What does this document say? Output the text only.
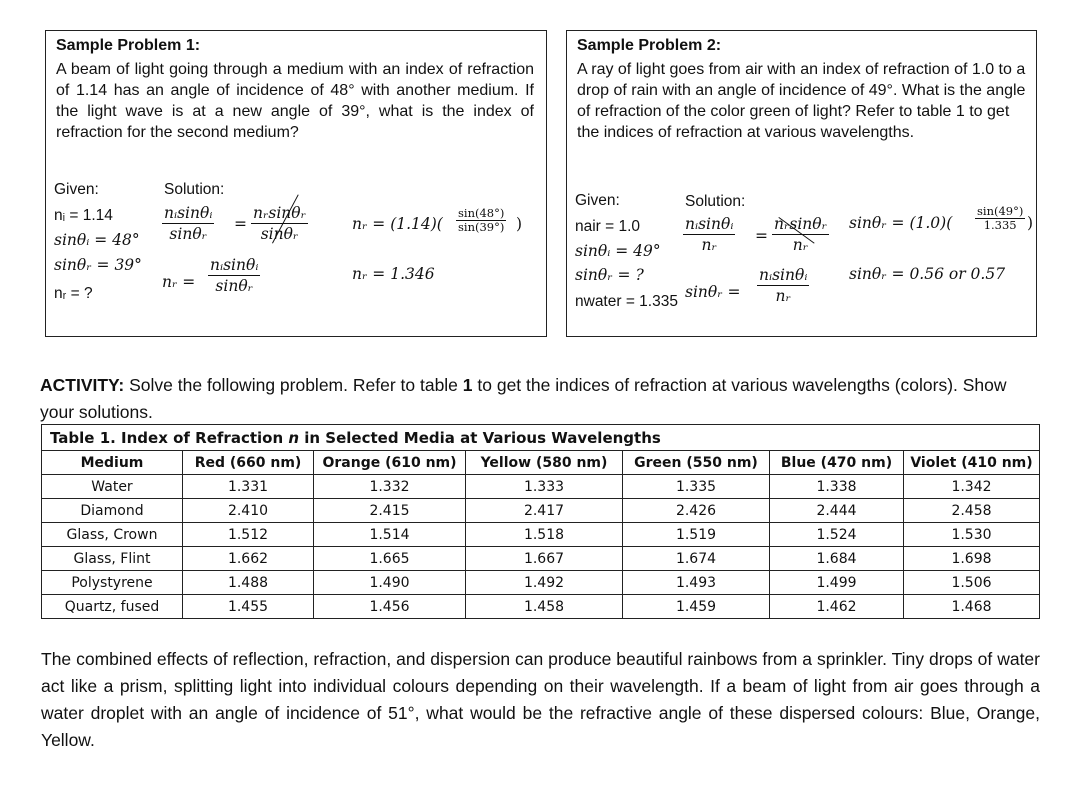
Sample Problem 1:
A beam of light going through a medium with an index of refraction of 1.14 has an angle of incidence of 48° with another medium. If the light wave is at a new angle of 39°, what is the index of refraction for the second medium?
Given:
nᵢ = 1.14
sinθᵢ = 48°
sinθᵣ = 39°
nᵣ = ?
Solution:
$\frac{\text{nᵢsinθᵢ}}{\text{sinθᵣ}} = \frac{\text{nᵣsinθᵣ}}{\text{sinθᵣ}}$
nᵣ = $\frac{\text{nᵢsinθᵢ}}{\text{sinθᵣ}}$
nᵣ = $(1.14)( \frac{\sin(48^\circ)}{\sin(39^\circ)}$ )
nᵣ = 1.346
Sample Problem 2:
A ray of light goes from air with an index of refraction of 1.0 to a drop of rain with an angle of incidence of 49°. What is the angle of refraction of the color green of light? Refer to table 1 to get the indices of refraction at various wavelengths.
Given:
nair = 1.0
sinθᵢ = 49°
sinθᵣ = ?
nwater = 1.335
Solution:
$\frac{\text{nᵢsinθᵢ}}{\text{nᵣ}} = \frac{\text{nᵣsinθᵣ}}{\text{nᵣ}}$
sinθᵣ = $\frac{\text{nᵢsinθᵢ}}{\text{nᵣ}}$
sinθᵣ = $(1.0)( \frac{\sin(49^\circ)}{1.335}$ )
sinθᵣ = 0.56 or 0.57
ACTIVITY: Solve the following problem. Refer to table 1 to get the indices of refraction at various wavelengths (colors). Show your solutions.
Table 1. Index of Refraction n in Selected Media at Various Wavelengths						
Medium	Red (660 nm)	Orange (610 nm)	Yellow (580 nm)	Green (550 nm)	Blue (470 nm)	Violet (410 nm)
Water	1.331	1.332	1.333	1.335	1.338	1.342
Diamond	2.410	2.415	2.417	2.426	2.444	2.458
Glass, Crown	1.512	1.514	1.518	1.519	1.524	1.530
Glass, Flint	1.662	1.665	1.667	1.674	1.684	1.698
Polystyrene	1.488	1.490	1.492	1.493	1.499	1.506
Quartz, fused	1.455	1.456	1.458	1.459	1.462	1.468
The combined effects of reflection, refraction, and dispersion can produce beautiful rainbows from a sprinkler. Tiny drops of water act like a prism, splitting light into individual colours depending on their wavelength. If a beam of light from air goes through a water droplet with an angle of incidence of 51°, what would be the refractive angle of these dispersed colours: Blue, Orange, Yellow.
